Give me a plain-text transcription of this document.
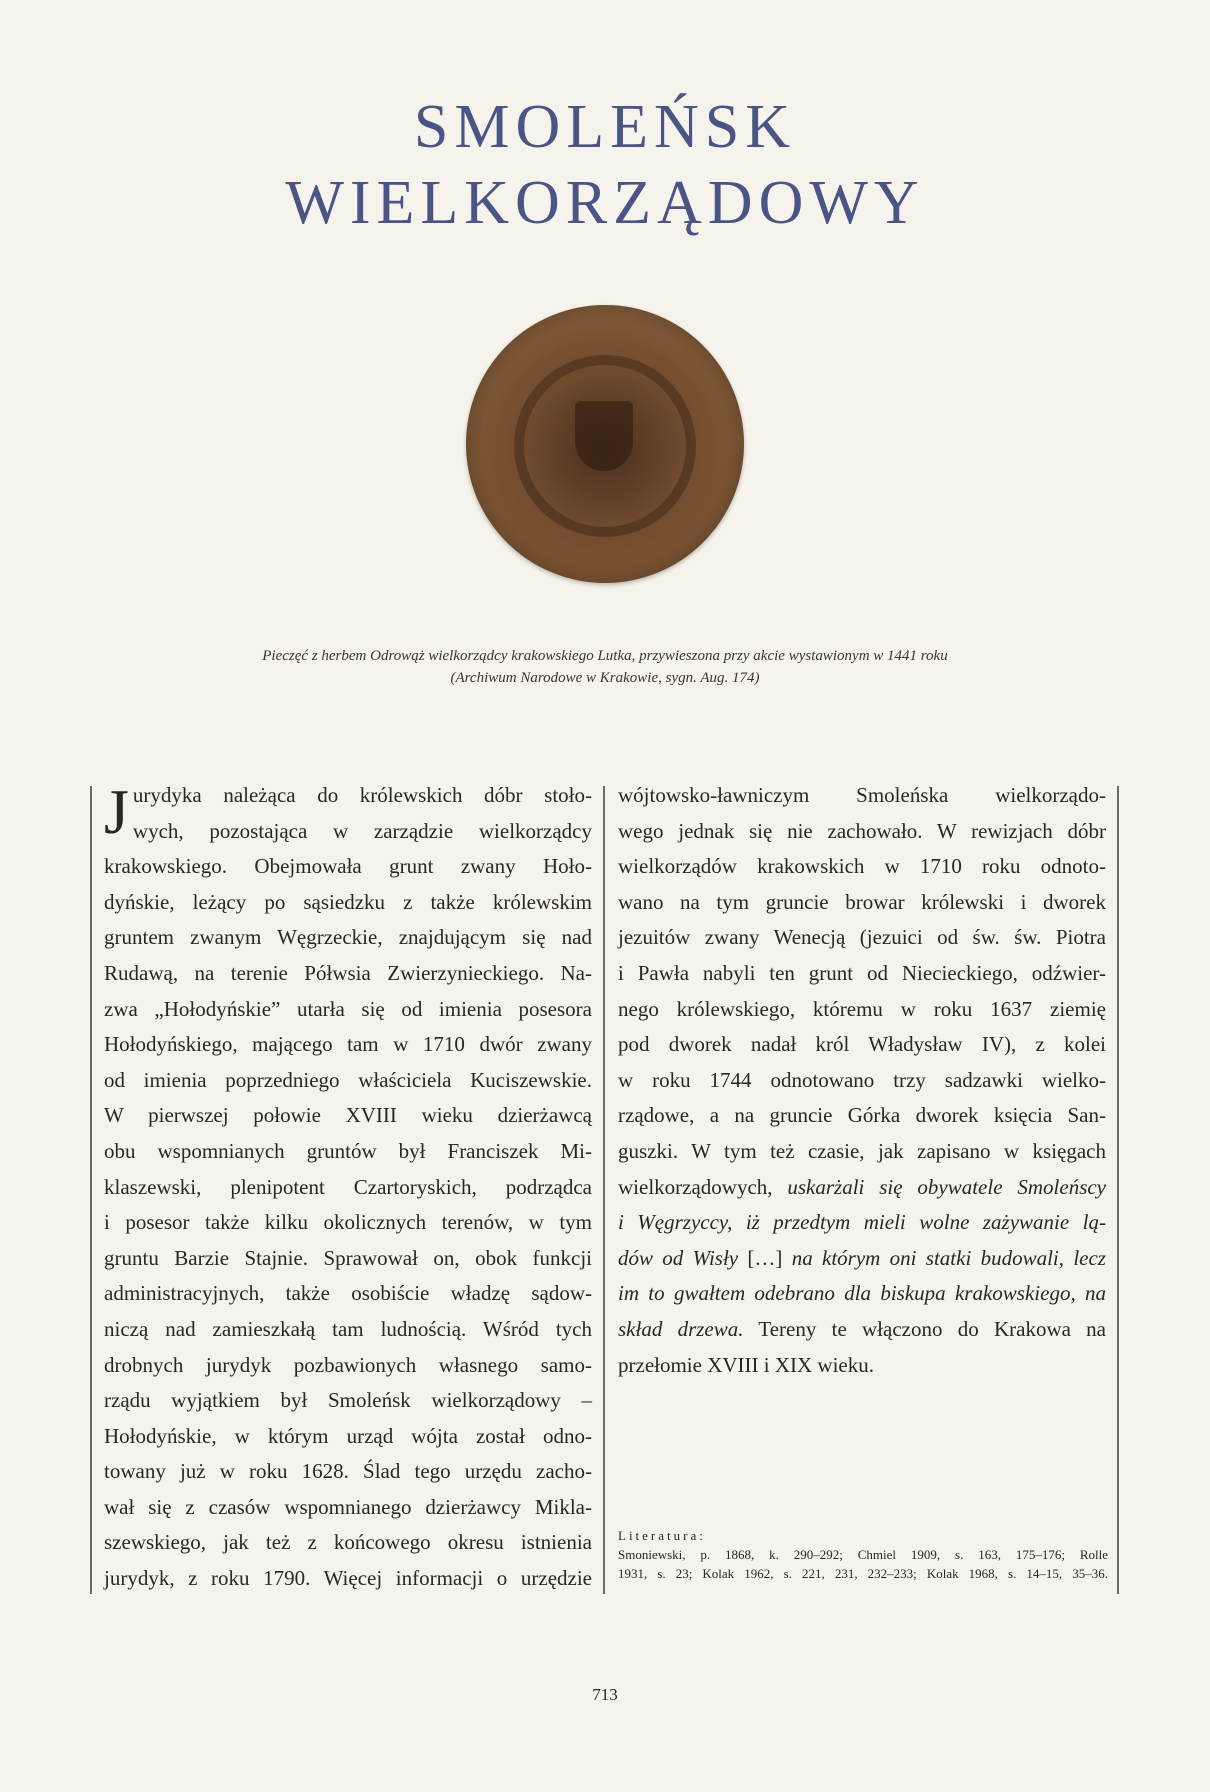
SMOLEŃSK
WIELKORZĄDOWY
Pieczęć z herbem Odrowąż wielkorządcy krakowskiego Lutka, przywieszona przy akcie wystawionym w 1441 roku
(Archiwum Narodowe w Krakowie, sygn. Aug. 174)
J urydyka należąca do królewskich dóbr stoło-
wych, pozostająca w zarządzie wielkorządcy
krakowskiego. Obejmowała grunt zwany Hoło-
dyńskie, leżący po sąsiedzku z także królewskim
gruntem zwanym Węgrzeckie, znajdującym się nad
Rudawą, na terenie Półwsia Zwierzynieckiego. Na-
zwa „Hołodyńskie” utarła się od imienia posesora
Hołodyńskiego, mającego tam w 1710 dwór zwany
od imienia poprzedniego właściciela Kuciszewskie.
W pierwszej połowie XVIII wieku dzierżawcą
obu wspomnianych gruntów był Franciszek Mi-
klaszewski, plenipotent Czartoryskich, podrządca
i posesor także kilku okolicznych terenów, w tym
gruntu Barzie Stajnie. Sprawował on, obok funkcji
administracyjnych, także osobiście władzę sądow-
niczą nad zamieszkałą tam ludnością. Wśród tych
drobnych jurydyk pozbawionych własnego samo-
rządu wyjątkiem był Smoleńsk wielkorządowy –
Hołodyńskie, w którym urząd wójta został odno-
towany już w roku 1628. Ślad tego urzędu zacho-
wał się z czasów wspomnianego dzierżawcy Mikla-
szewskiego, jak też z końcowego okresu istnienia
jurydyk, z roku 1790. Więcej informacji o urzędzie
wójtowsko-ławniczym Smoleńska wielkorządo-
wego jednak się nie zachowało. W rewizjach dóbr
wielkorządów krakowskich w 1710 roku odnoto-
wano na tym gruncie browar królewski i dworek
jezuitów zwany Wenecją (jezuici od św. św. Piotra
i Pawła nabyli ten grunt od Niecieckiego, odźwier-
nego królewskiego, któremu w roku 1637 ziemię
pod dworek nadał król Władysław IV), z kolei
w roku 1744 odnotowano trzy sadzawki wielko-
rządowe, a na gruncie Górka dworek księcia San-
guszki. W tym też czasie, jak zapisano w księgach
wielkorządowych, uskarżali się obywatele Smoleńscy
i Węgrzyccy, iż przedtym mieli wolne zażywanie lą-
dów od Wisły […] na którym oni statki budowali, lecz
im to gwałtem odebrano dla biskupa krakowskiego, na
skład drzewa. Tereny te włączono do Krakowa na
przełomie XVIII i XIX wieku.
Literatura:
Smoniewski, p. 1868, k. 290–292; Chmiel 1909, s. 163, 175–176; Rolle
1931, s. 23; Kolak 1962, s. 221, 231, 232–233; Kolak 1968, s. 14–15, 35–36.
713
